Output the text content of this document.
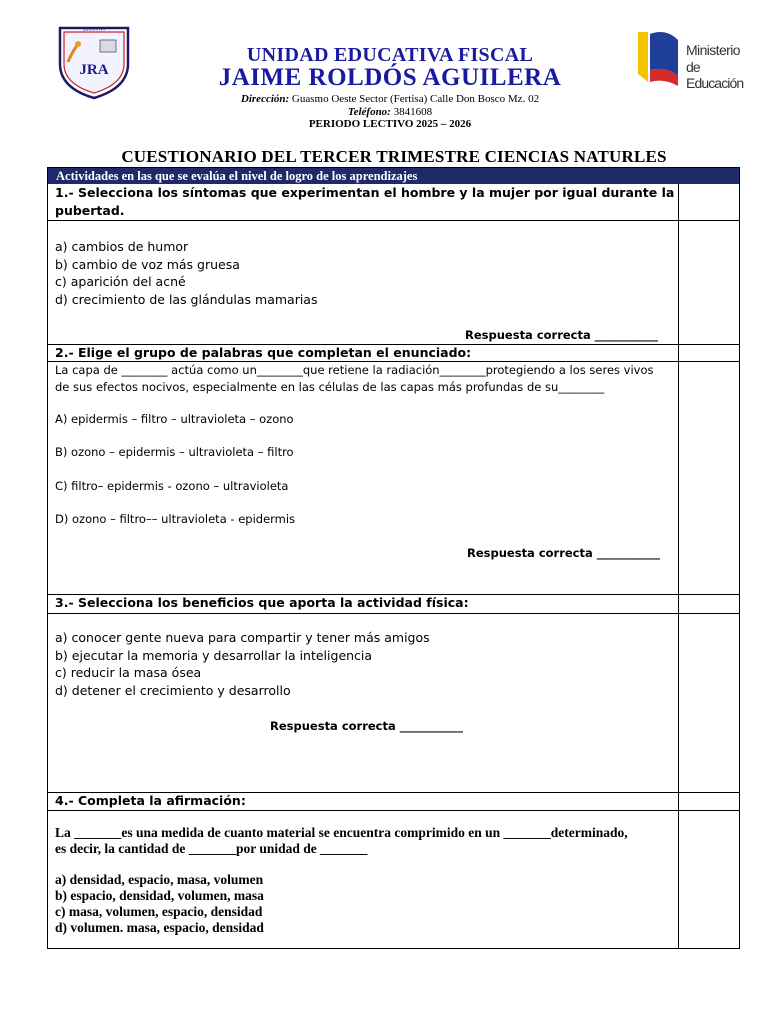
EDUCATIVA
JRA
UNIDAD EDUCATIVA FISCAL
JAIME ROLDÓS AGUILERA
Dirección: Guasmo Oeste Sector (Fertisa) Calle Don Bosco Mz. 02
Teléfono: 3841608
PERIODO LECTIVO 2025 – 2026
Ministerio
de Educación
CUESTIONARIO DEL TERCER TRIMESTRE CIENCIAS NATURLES
Actividades en las que se evalúa el nivel de logro de los aprendizajes
1.- Selecciona los síntomas que experimentan el hombre y la mujer por igual durante la
pubertad.
a) cambios de humor
b) cambio de voz más gruesa
c) aparición del acné
d) crecimiento de las glándulas mamarias
Respuesta correcta ___________
2.- Elige el grupo de palabras que completan el enunciado:
La capa de ________ actúa como un________que retiene la radiación________protegiendo a los seres vivos
de sus efectos nocivos, especialmente en las células de las capas más profundas de su________
A) epidermis – filtro – ultravioleta – ozono
B) ozono – epidermis – ultravioleta – filtro
C) filtro– epidermis - ozono – ultravioleta
D) ozono – filtro–– ultravioleta - epidermis
Respuesta correcta ___________
3.- Selecciona los beneficios que aporta la actividad física:
a) conocer gente nueva para compartir y tener más amigos
b) ejecutar la memoria y desarrollar la inteligencia
c) reducir la masa ósea
d) detener el crecimiento y desarrollo
Respuesta correcta ___________
4.- Completa la afirmación:
La _______es una medida de cuanto material se encuentra comprimido en un _______determinado,
es decir, la cantidad de _______por unidad de _______
a) densidad, espacio, masa, volumen
b) espacio, densidad, volumen, masa
c) masa, volumen, espacio, densidad
d) volumen. masa, espacio, densidad
